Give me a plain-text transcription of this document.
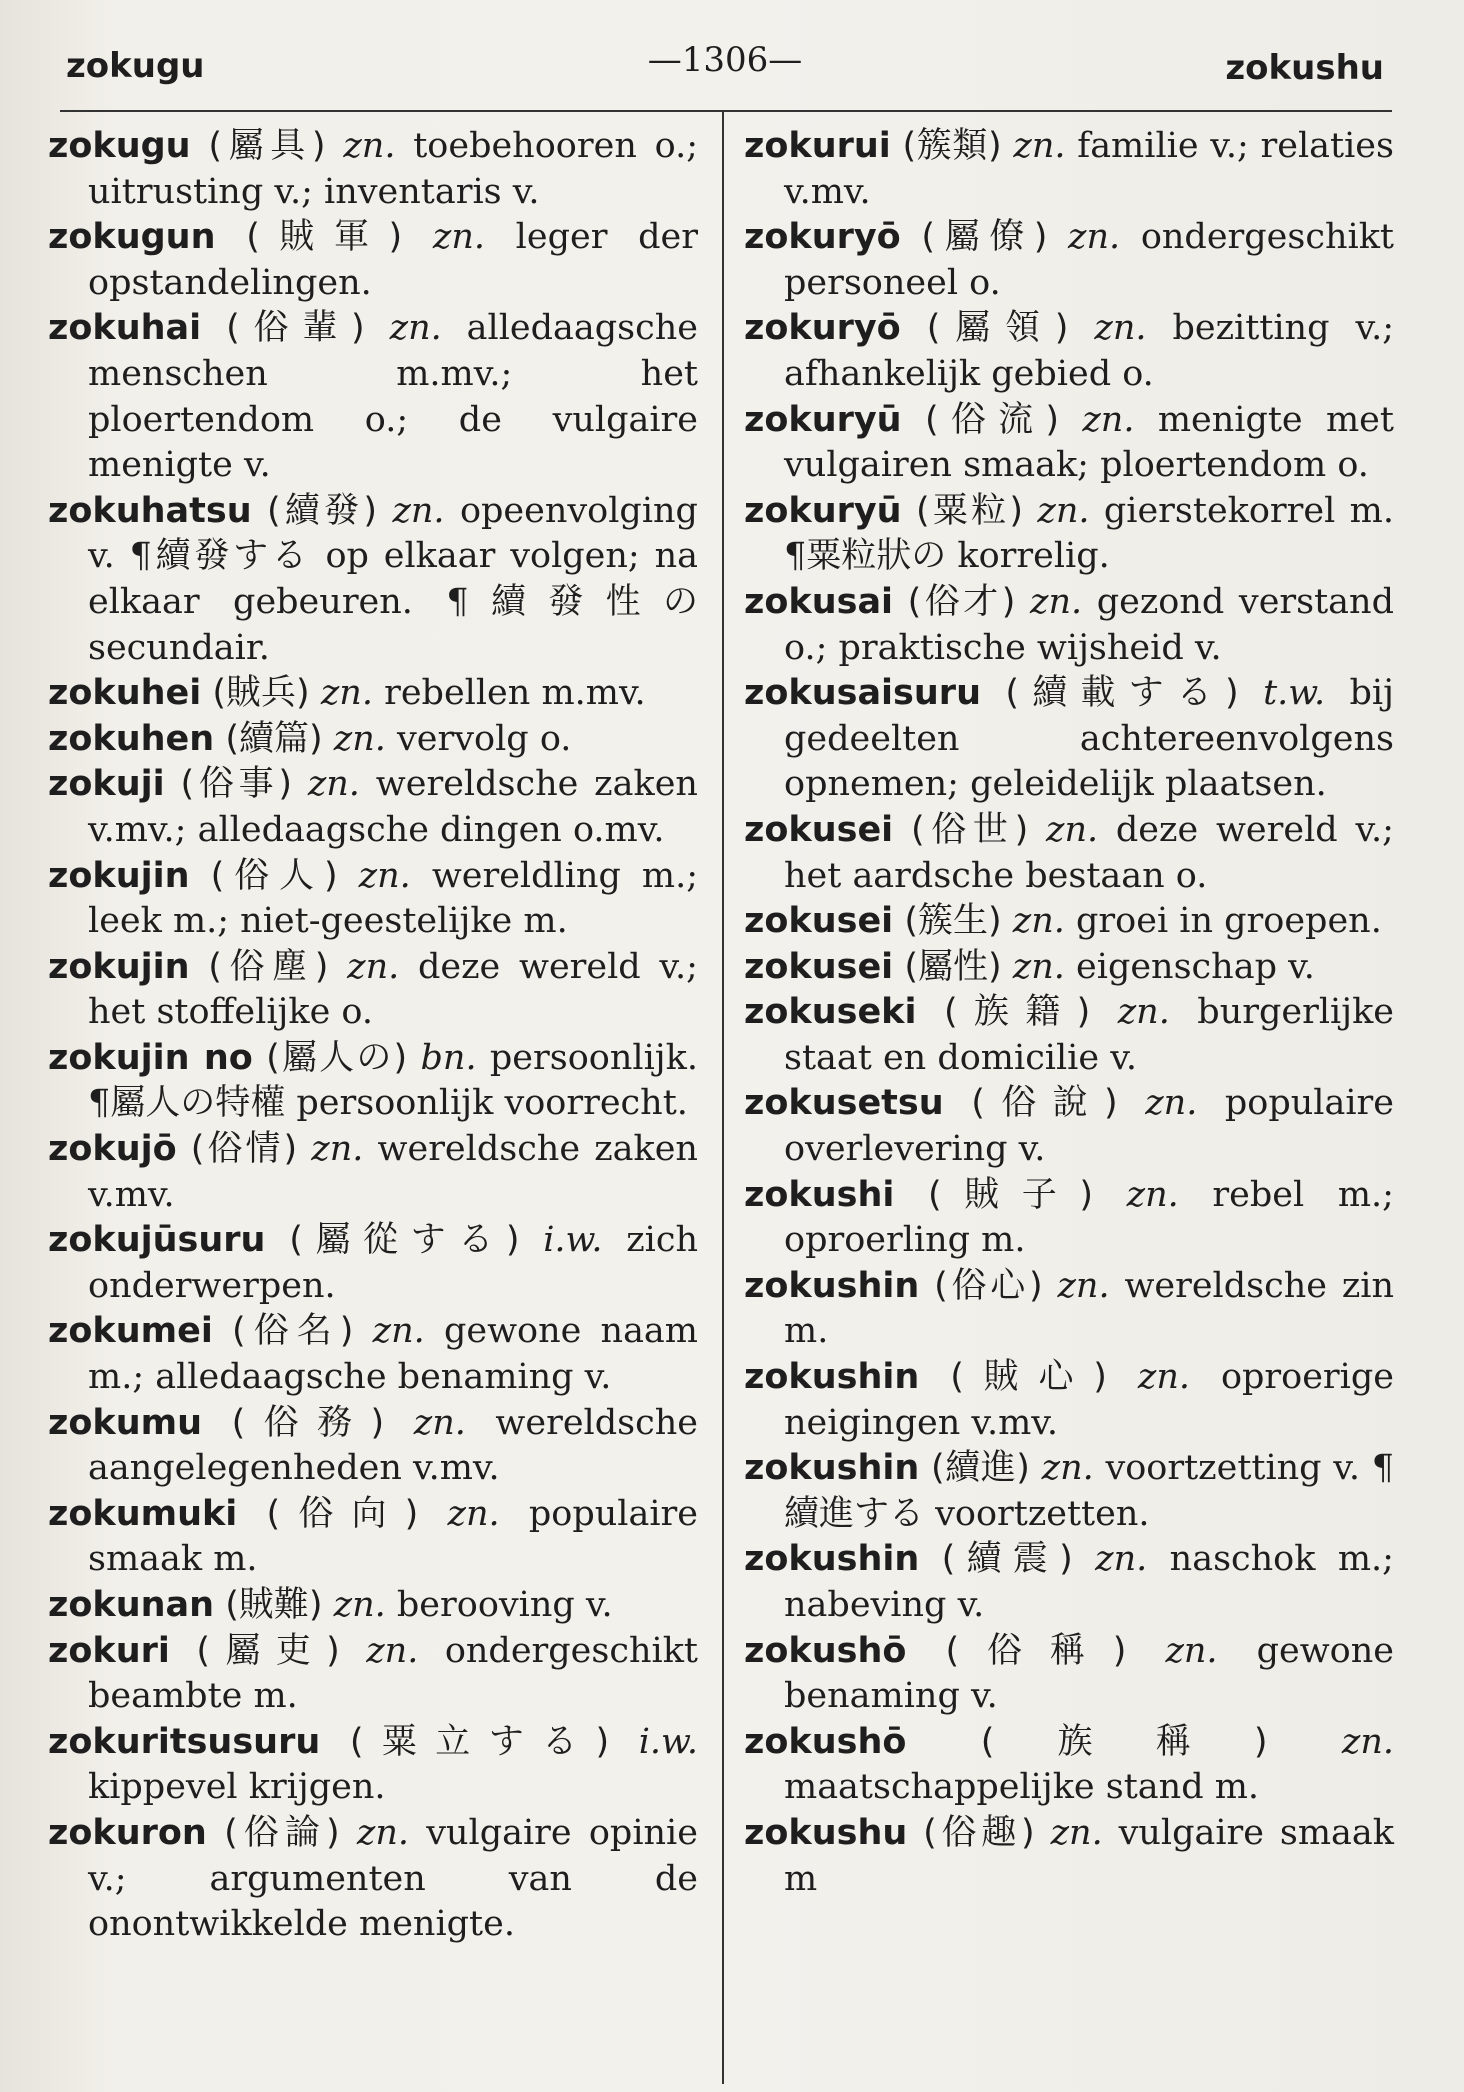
zokugu	—1306—	zokushu

zokugu (屬具) zn. toebehooren o.; uitrusting v.; inventaris v.

zokugun (賊軍) zn. leger der opstandelingen.

zokuhai (俗輩) zn. alledaagsche menschen m.mv.; het ploertendom o.; de vulgaire menigte v.

zokuhatsu (續發) zn. opeenvolging v. ¶續發する op elkaar volgen; na elkaar gebeuren. ¶續發性の secundair.

zokuhei (賊兵) zn. rebellen m.mv.

zokuhen (續篇) zn. vervolg o.

zokuji (俗事) zn. wereldsche zaken v.mv.; alledaagsche dingen o.mv.

zokujin (俗人) zn. wereldling m.; leek m.; niet-geestelijke m.

zokujin (俗塵) zn. deze wereld v.; het stoffelijke o.

zokujin no (屬人の) bn. persoonlijk. ¶屬人の特權 persoonlijk voorrecht.

zokujō (俗情) zn. wereldsche zaken v.mv.

zokujūsuru (屬從する) i.w. zich onderwerpen.

zokumei (俗名) zn. gewone naam m.; alledaagsche benaming v.

zokumu (俗務) zn. wereldsche aangelegenheden v.mv.

zokumuki (俗向) zn. populaire smaak m.

zokunan (賊難) zn. berooving v.

zokuri (屬吏) zn. ondergeschikt beambte m.

zokuritsusuru (粟立する) i.w. kippevel krijgen.

zokuron (俗論) zn. vulgaire opinie v.; argumenten van de onontwikkelde menigte.

zokurui (簇類) zn. familie v.; relaties v.mv.

zokuryō (屬僚) zn. ondergeschikt personeel o.

zokuryō (屬領) zn. bezitting v.; afhankelijk gebied o.

zokuryū (俗流) zn. menigte met vulgairen smaak; ploertendom o.

zokuryū (粟粒) zn. gierstekorrel m. ¶粟粒狀の korrelig.

zokusai (俗才) zn. gezond verstand o.; praktische wijsheid v.

zokusaisuru (續載する) t.w. bij gedeelten achtereenvolgens opnemen; geleidelijk plaatsen.

zokusei (俗世) zn. deze wereld v.; het aardsche bestaan o.

zokusei (簇生) zn. groei in groepen.

zokusei (屬性) zn. eigenschap v.

zokuseki (族籍) zn. burgerlijke staat en domicilie v.

zokusetsu (俗說) zn. populaire overlevering v.

zokushi (賊子) zn. rebel m.; oproerling m.

zokushin (俗心) zn. wereldsche zin m.

zokushin (賊心) zn. oproerige neigingen v.mv.

zokushin (續進) zn. voortzetting v. ¶續進する voortzetten.

zokushin (續震) zn. naschok m.; nabeving v.

zokushō (俗稱) zn. gewone benaming v.

zokushō (族稱) zn. maatschappelijke stand m.

zokushu (俗趣) zn. vulgaire smaak m
